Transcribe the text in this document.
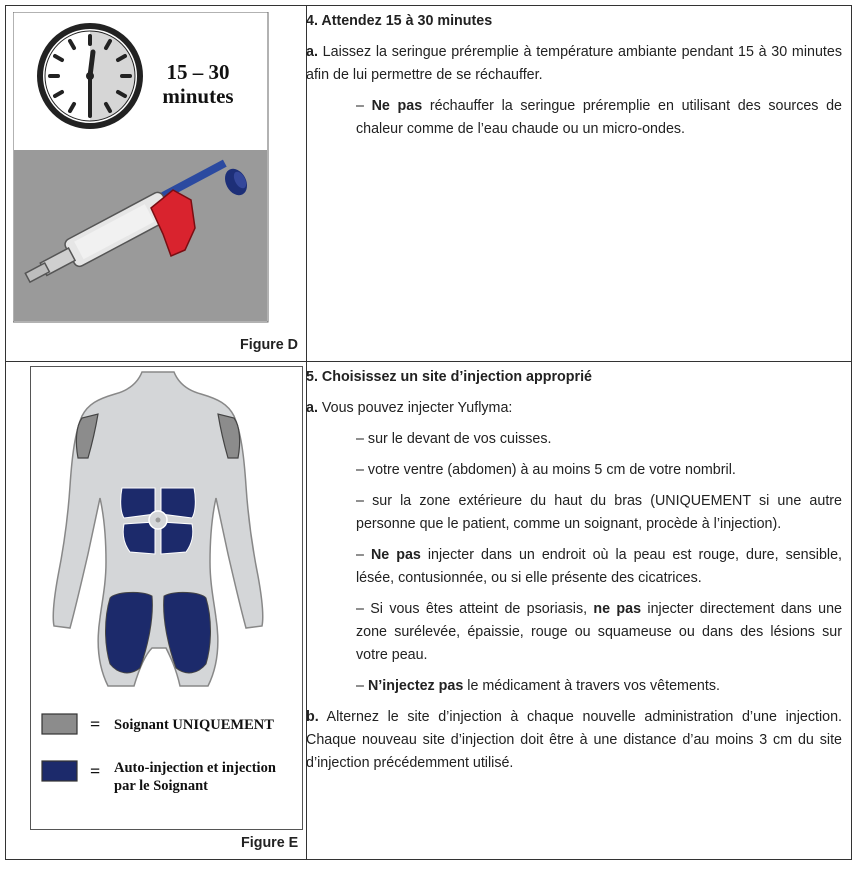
15 – 30
minutes
Figure D
= Soignant UNIQUEMENT
= Auto-injection et injection
par le Soignant
Figure E

4. Attendez 15 à 30 minutes

a. Laissez la seringue préremplie à température ambiante pendant 15 à 30 minutes afin de lui permettre de se réchauffer.

– Ne pas réchauffer la seringue préremplie en utilisant des sources de chaleur comme de l’eau chaude ou un micro-ondes.

5. Choisissez un site d’injection approprié

a. Vous pouvez injecter Yuflyma:

– sur le devant de vos cuisses.

– votre ventre (abdomen) à au moins 5 cm de votre nombril.

– sur la zone extérieure du haut du bras (UNIQUEMENT si une autre personne que le patient, comme un soignant, procède à l’injection).

– Ne pas injecter dans un endroit où la peau est rouge, dure, sensible, lésée, contusionnée, ou si elle présente des cicatrices.

– Si vous êtes atteint de psoriasis, ne pas injecter directement dans une zone surélevée, épaissie, rouge ou squameuse ou dans des lésions sur votre peau.

– N’injectez pas le médicament à travers vos vêtements.

b. Alternez le site d’injection à chaque nouvelle administration d’une injection. Chaque nouveau site d’injection doit être à une distance d’au moins 3 cm du site d’injection précédemment utilisé.
